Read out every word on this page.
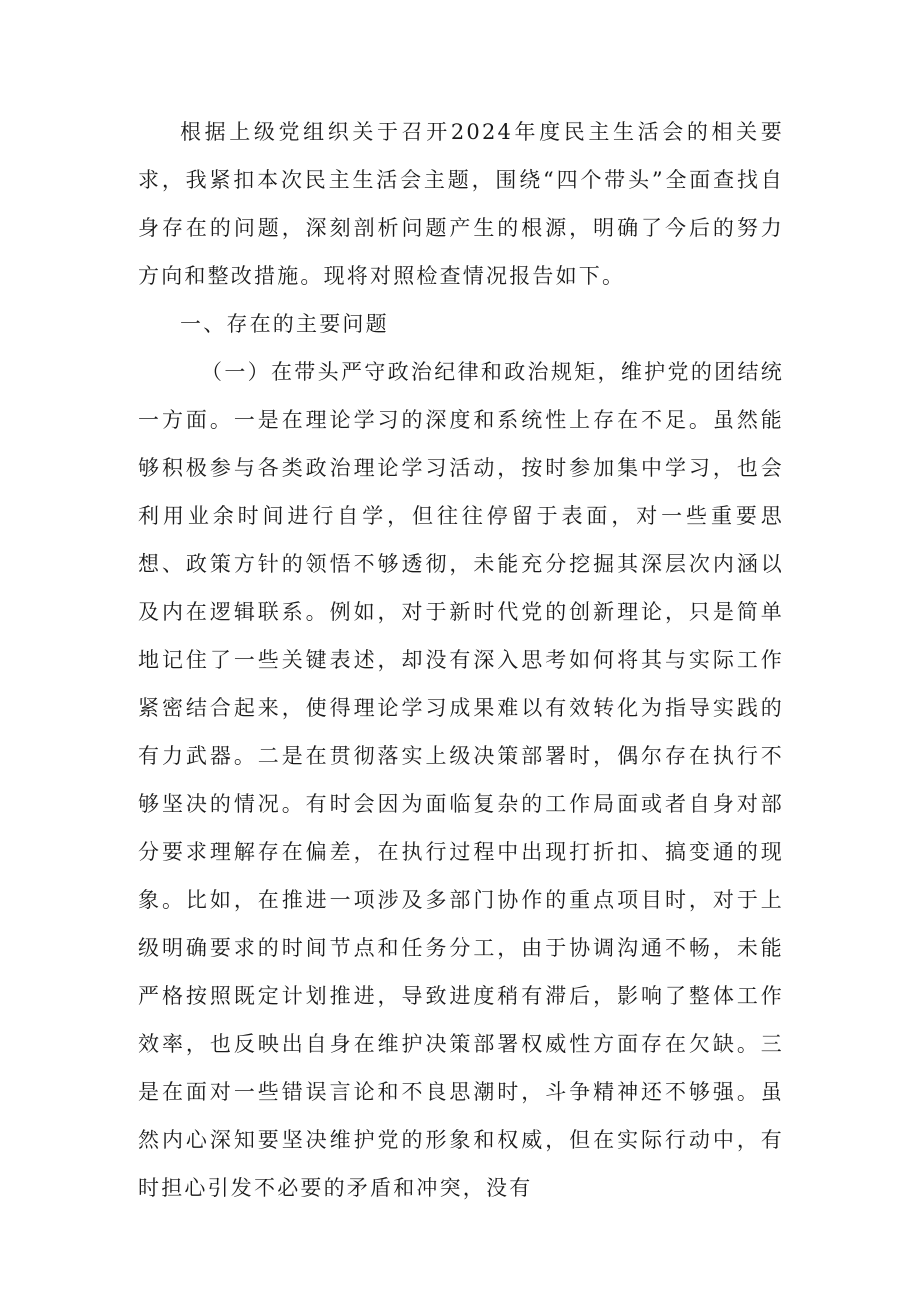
根据上级党组织关于召开2024年度民主生活会的相关要求，我紧扣本次民主生活会主题，围绕“四个带头”全面查找自身存在的问题，深刻剖析问题产生的根源，明确了今后的努力方向和整改措施。现将对照检查情况报告如下。

一、存在的主要问题

（一）在带头严守政治纪律和政治规矩，维护党的团结统一方面。一是在理论学习的深度和系统性上存在不足。虽然能够积极参与各类政治理论学习活动，按时参加集中学习，也会利用业余时间进行自学，但往往停留于表面，对一些重要思想、政策方针的领悟不够透彻，未能充分挖掘其深层次内涵以及内在逻辑联系。例如，对于新时代党的创新理论，只是简单地记住了一些关键表述，却没有深入思考如何将其与实际工作紧密结合起来，使得理论学习成果难以有效转化为指导实践的有力武器。二是在贯彻落实上级决策部署时，偶尔存在执行不够坚决的情况。有时会因为面临复杂的工作局面或者自身对部分要求理解存在偏差，在执行过程中出现打折扣、搞变通的现象。比如，在推进一项涉及多部门协作的重点项目时，对于上级明确要求的时间节点和任务分工，由于协调沟通不畅，未能严格按照既定计划推进，导致进度稍有滞后，影响了整体工作效率，也反映出自身在维护决策部署权威性方面存在欠缺。三是在面对一些错误言论和不良思潮时，斗争精神还不够强。虽然内心深知要坚决维护党的形象和权威，但在实际行动中，有时担心引发不必要的矛盾和冲突，没有
